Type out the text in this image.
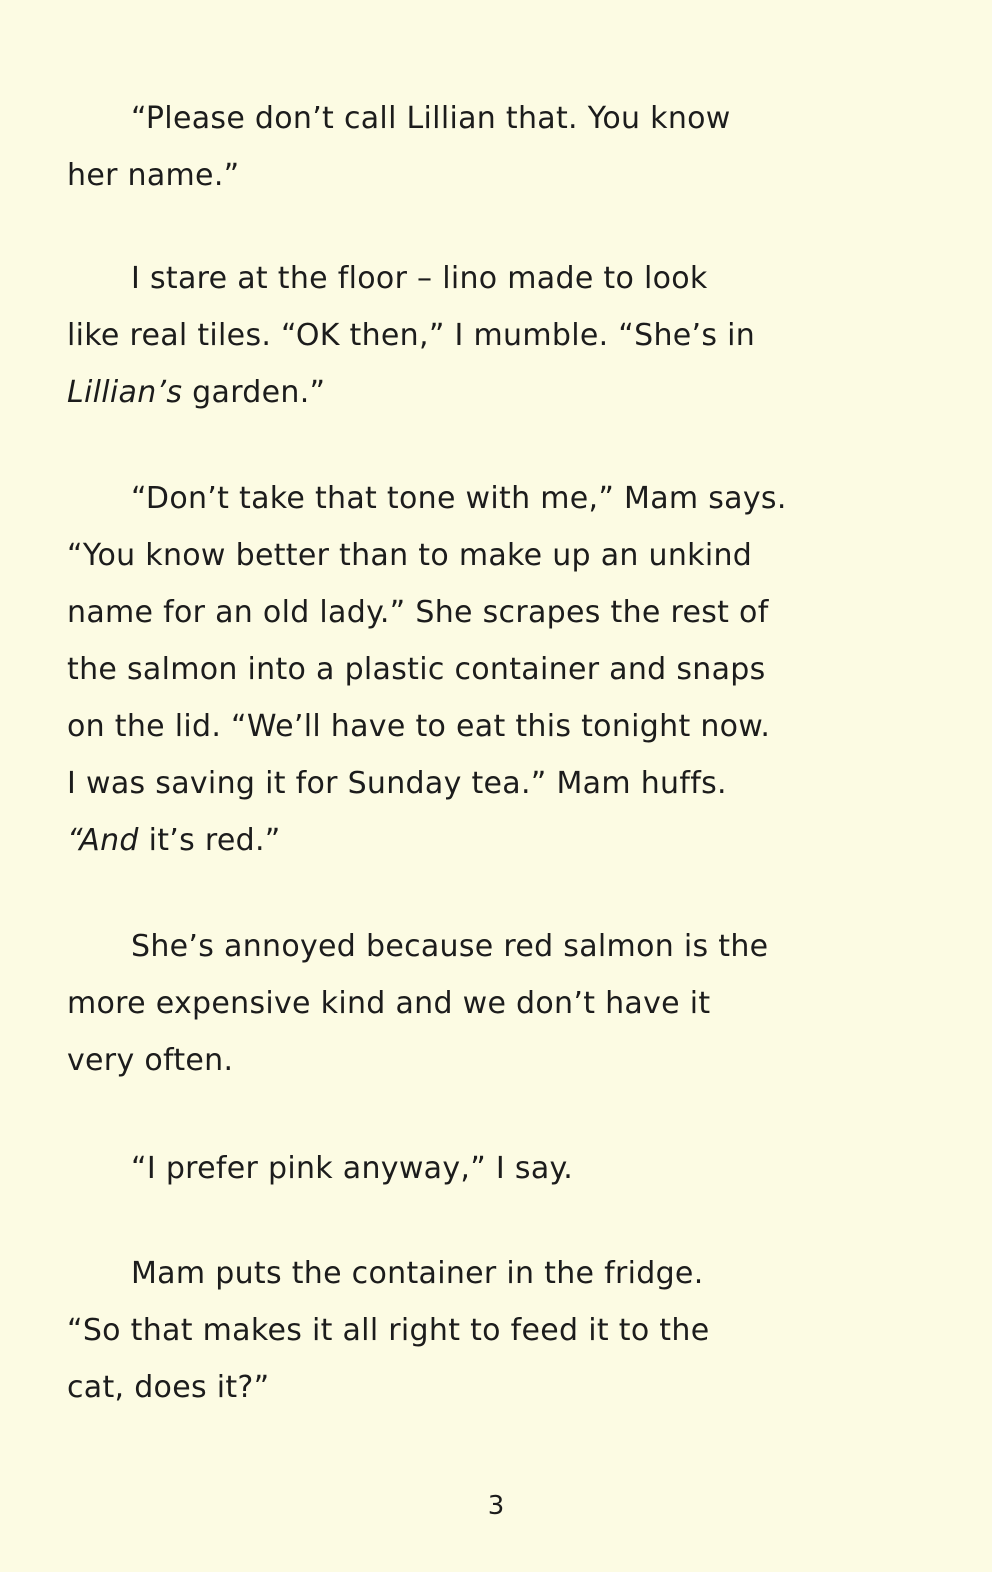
“Please don’t call Lillian that. You know
her name.”

I stare at the floor – lino made to look
like real tiles. “OK then,” I mumble. “She’s in
Lillian’s garden.”

“Don’t take that tone with me,” Mam says.
“You know better than to make up an unkind
name for an old lady.” She scrapes the rest of
the salmon into a plastic container and snaps
on the lid. “We’ll have to eat this tonight now.
I was saving it for Sunday tea.” Mam huffs.
“And it’s red.”

She’s annoyed because red salmon is the
more expensive kind and we don’t have it
very often.

“I prefer pink anyway,” I say.

Mam puts the container in the fridge.
“So that makes it all right to feed it to the
cat, does it?”

3
